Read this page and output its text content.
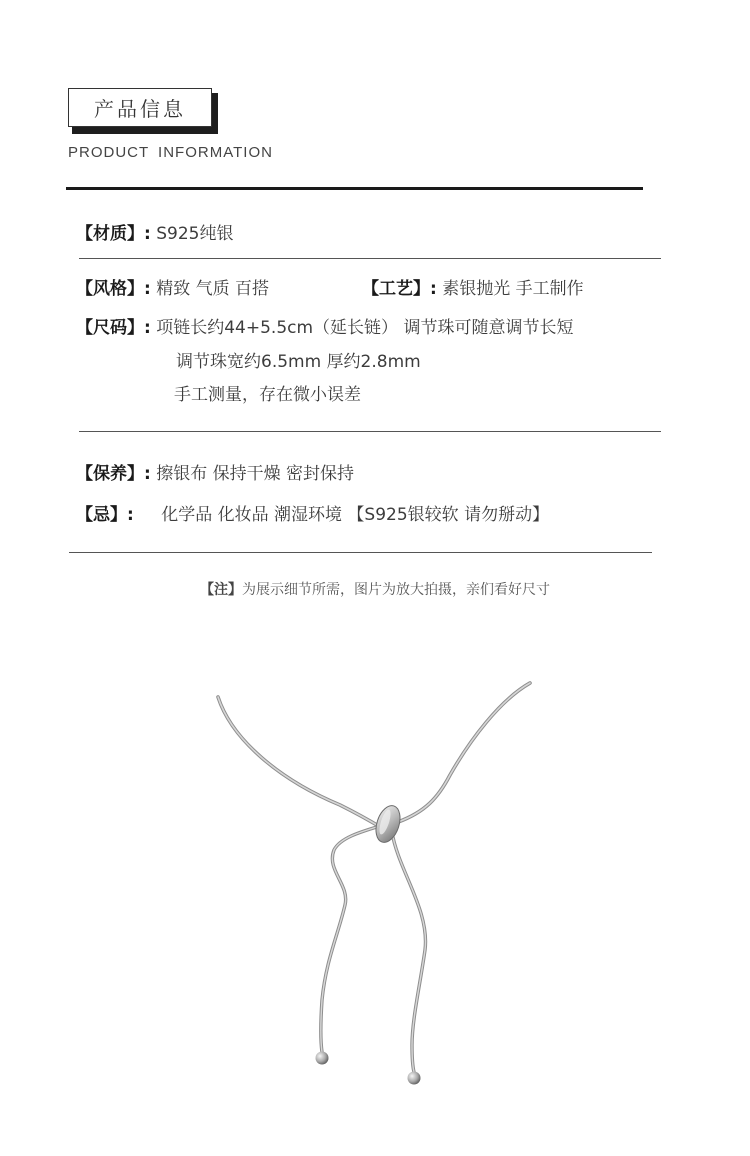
产品信息
PRODUCT INFORMATION
【材质】: S925纯银
【风格】: 精致 气质 百搭	【工艺】: 素银抛光 手工制作
【尺码】: 项链长约44+5.5cm（延长链） 调节珠可随意调节长短
调节珠宽约6.5mm 厚约2.8mm
手工测量，存在微小误差
【保养】: 擦银布 保持干燥 密封保持
【忌】: 化学品 化妆品 潮湿环境 【S925银较软 请勿掰动】
【注】为展示细节所需，图片为放大拍摄，亲们看好尺寸
